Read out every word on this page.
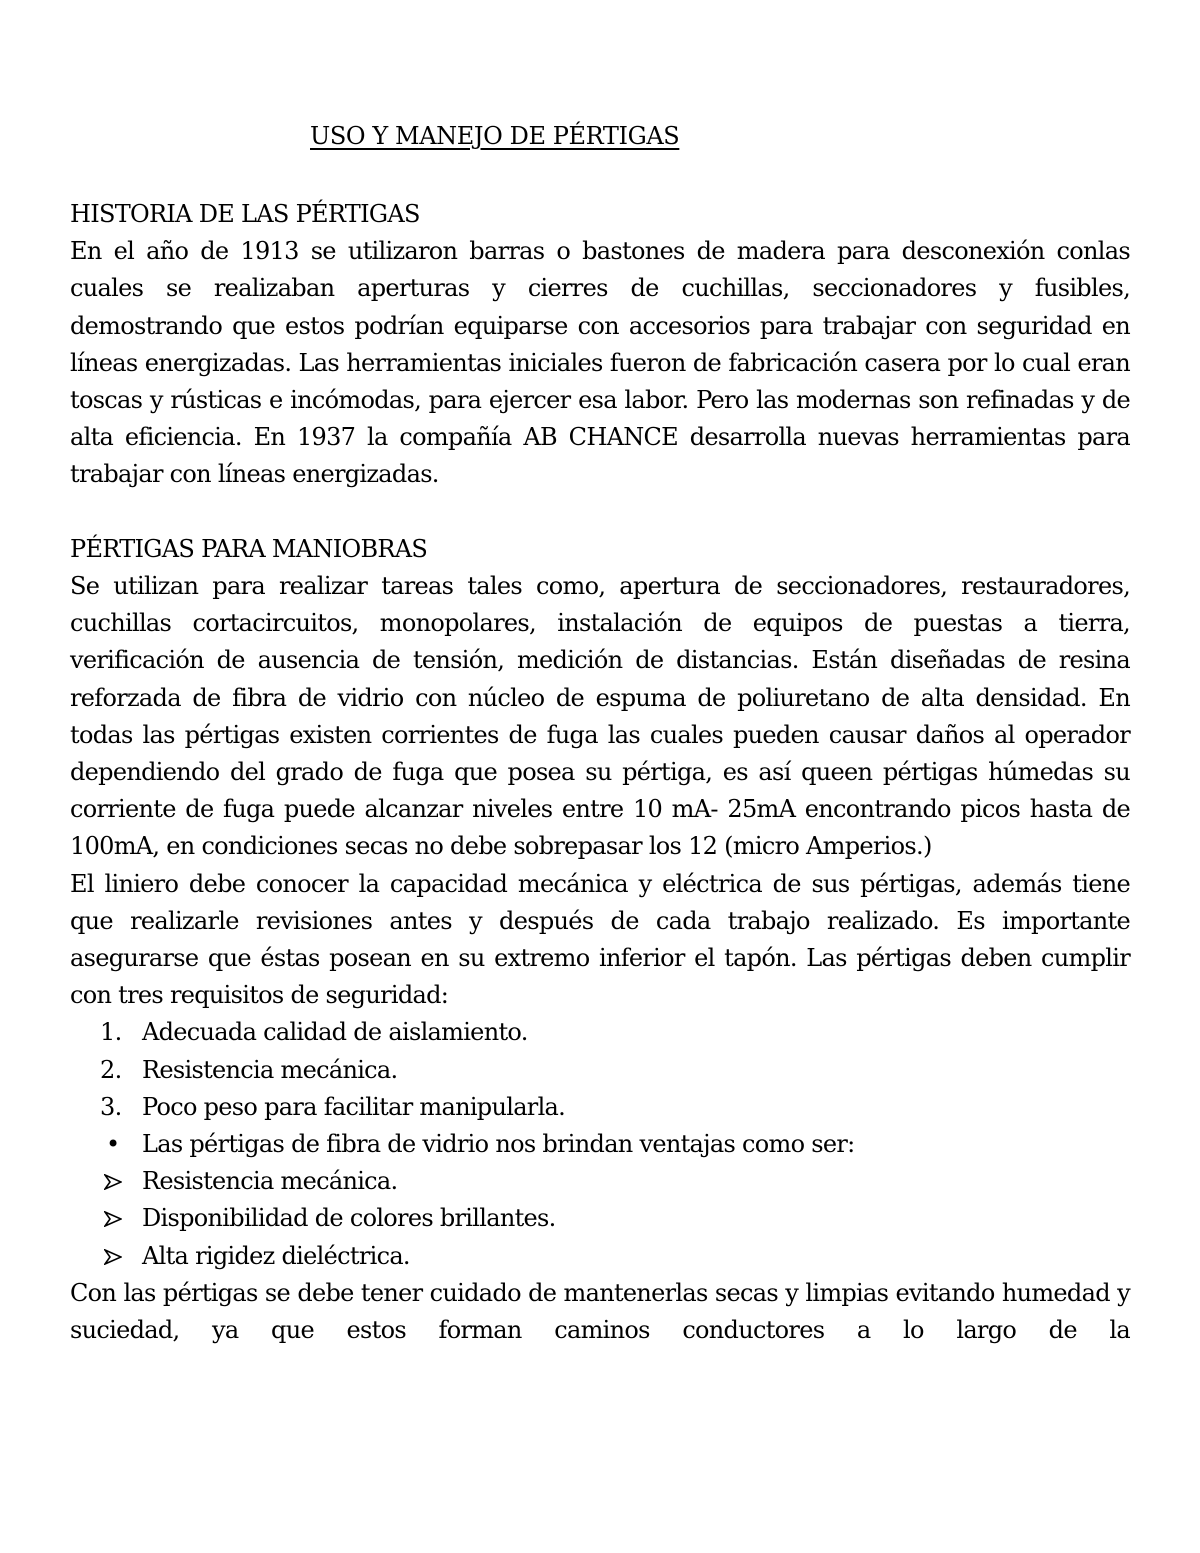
USO Y MANEJO DE PÉRTIGAS

HISTORIA DE LAS PÉRTIGAS

En el año de 1913 se utilizaron barras o bastones de madera para desconexión conlas cuales se realizaban aperturas y cierres de cuchillas, seccionadores y fusibles, demostrando que estos podrían equiparse con accesorios para trabajar con seguridad en líneas energizadas. Las herramientas iniciales fueron de fabricación casera por lo cual eran toscas y rústicas e incómodas, para ejercer esa labor. Pero las modernas son refinadas y de alta eficiencia. En 1937 la compañía AB CHANCE desarrolla nuevas herramientas para trabajar con líneas energizadas.

PÉRTIGAS PARA MANIOBRAS

Se utilizan para realizar tareas tales como, apertura de seccionadores, restauradores, cuchillas cortacircuitos, monopolares, instalación de equipos de puestas a tierra, verificación de ausencia de tensión, medición de distancias. Están diseñadas de resina reforzada de fibra de vidrio con núcleo de espuma de poliuretano de alta densidad. En todas las pértigas existen corrientes de fuga las cuales pueden causar daños al operador dependiendo del grado de fuga que posea su pértiga, es así queen pértigas húmedas su corriente de fuga puede alcanzar niveles entre 10 mA- 25mA encontrando picos hasta de 100mA, en condiciones secas no debe sobrepasar los 12 (micro Amperios.)

El liniero debe conocer la capacidad mecánica y eléctrica de sus pértigas, además tiene que realizarle revisiones antes y después de cada trabajo realizado. Es importante asegurarse que éstas posean en su extremo inferior el tapón. Las pértigas deben cumplir con tres requisitos de seguridad:

1. Adecuada calidad de aislamiento.
2. Resistencia mecánica.
3. Poco peso para facilitar manipularla.
• Las pértigas de fibra de vidrio nos brindan ventajas como ser:
Resistencia mecánica.
Disponibilidad de colores brillantes.
Alta rigidez dieléctrica.

Con las pértigas se debe tener cuidado de mantenerlas secas y limpias evitando humedad y suciedad, ya que estos forman caminos conductores a lo largo de la
